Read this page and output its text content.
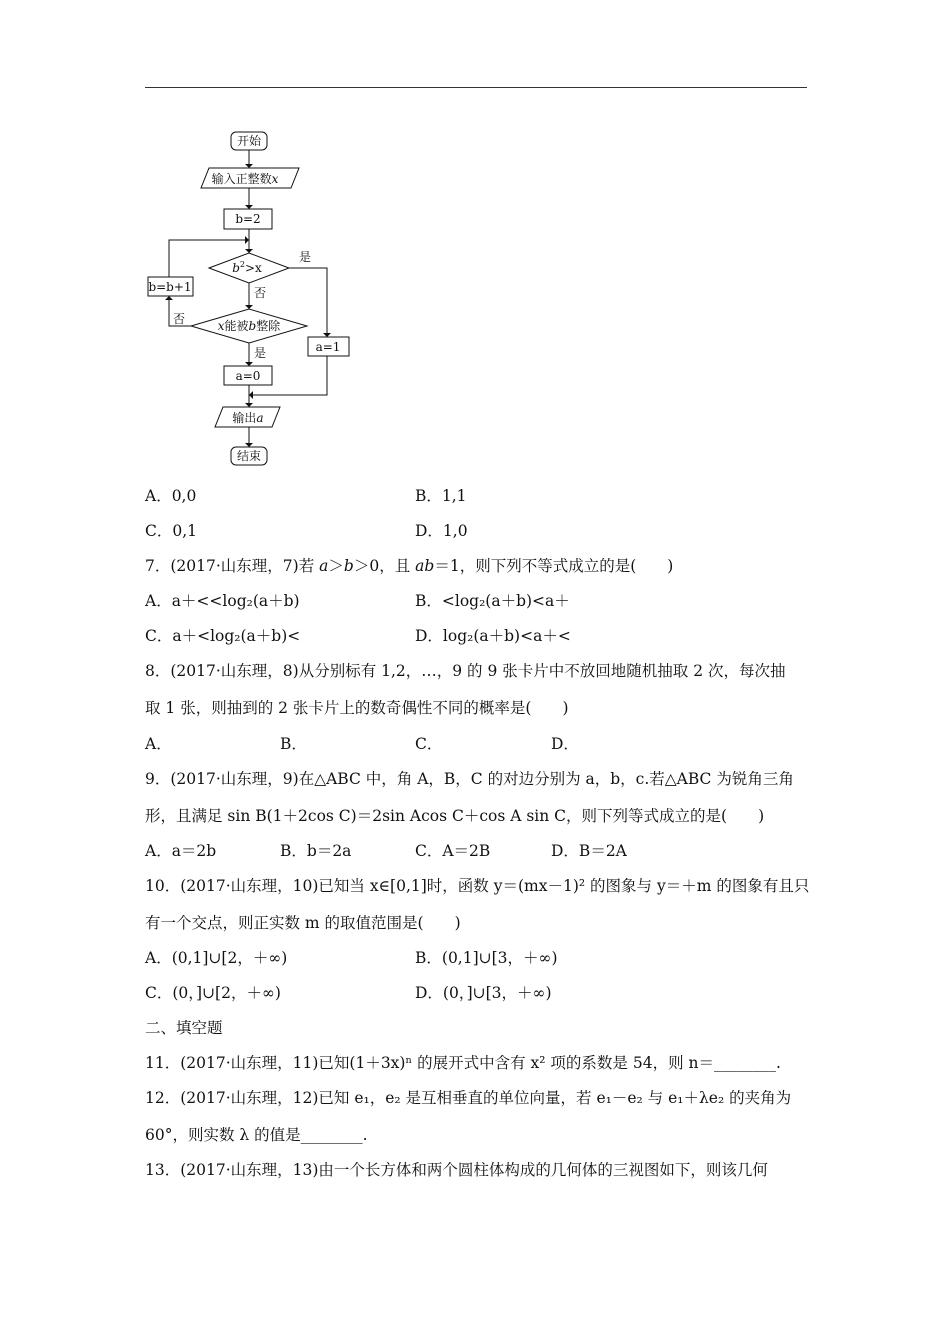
开始
输入正整数x
b=2
$b^2>x$
是
否
x能被b整除
否
是
b=b+1
a=1
a=0
输出a
结束
A．0,0	B．1,1
C．0,1	D．1,0
7．(2017·山东理，7)若 a＞b＞0，且 ab＝1，则下列不等式成立的是(　　)
A．a＋<<log₂(a＋b)	B．<log₂(a＋b)<a＋
C．a＋<log₂(a＋b)<	D．log₂(a＋b)<a＋<
8．(2017·山东理，8)从分别标有 1,2，…，9 的 9 张卡片中不放回地随机抽取 2 次，每次抽
取 1 张，则抽到的 2 张卡片上的数奇偶性不同的概率是(　　)
A．	B．	C．	D．
9．(2017·山东理，9)在△ABC 中，角 A，B，C 的对边分别为 a，b，c.若△ABC 为锐角三角
形，且满足 sin B(1＋2cos C)＝2sin Acos C＋cos A sin C，则下列等式成立的是(　　)
A．a＝2b	B．b＝2a	C．A＝2B	D．B＝2A
10．(2017·山东理，10)已知当 x∈[0,1]时，函数 y＝(mx－1)² 的图象与 y＝＋m 的图象有且只
有一个交点，则正实数 m 的取值范围是(　　)
A．(0,1]∪[2，＋∞)	B．(0,1]∪[3，＋∞)
C．(0，]∪[2，＋∞)	D．(0，]∪[3，＋∞)
二、填空题
11．(2017·山东理，11)已知(1＋3x)ⁿ 的展开式中含有 x² 项的系数是 54，则 n＝________.
12．(2017·山东理，12)已知 e₁，e₂ 是互相垂直的单位向量，若 e₁－e₂ 与 e₁＋λe₂ 的夹角为
60°，则实数 λ 的值是________.
13．(2017·山东理，13)由一个长方体和两个圆柱体构成的几何体的三视图如下，则该几何
